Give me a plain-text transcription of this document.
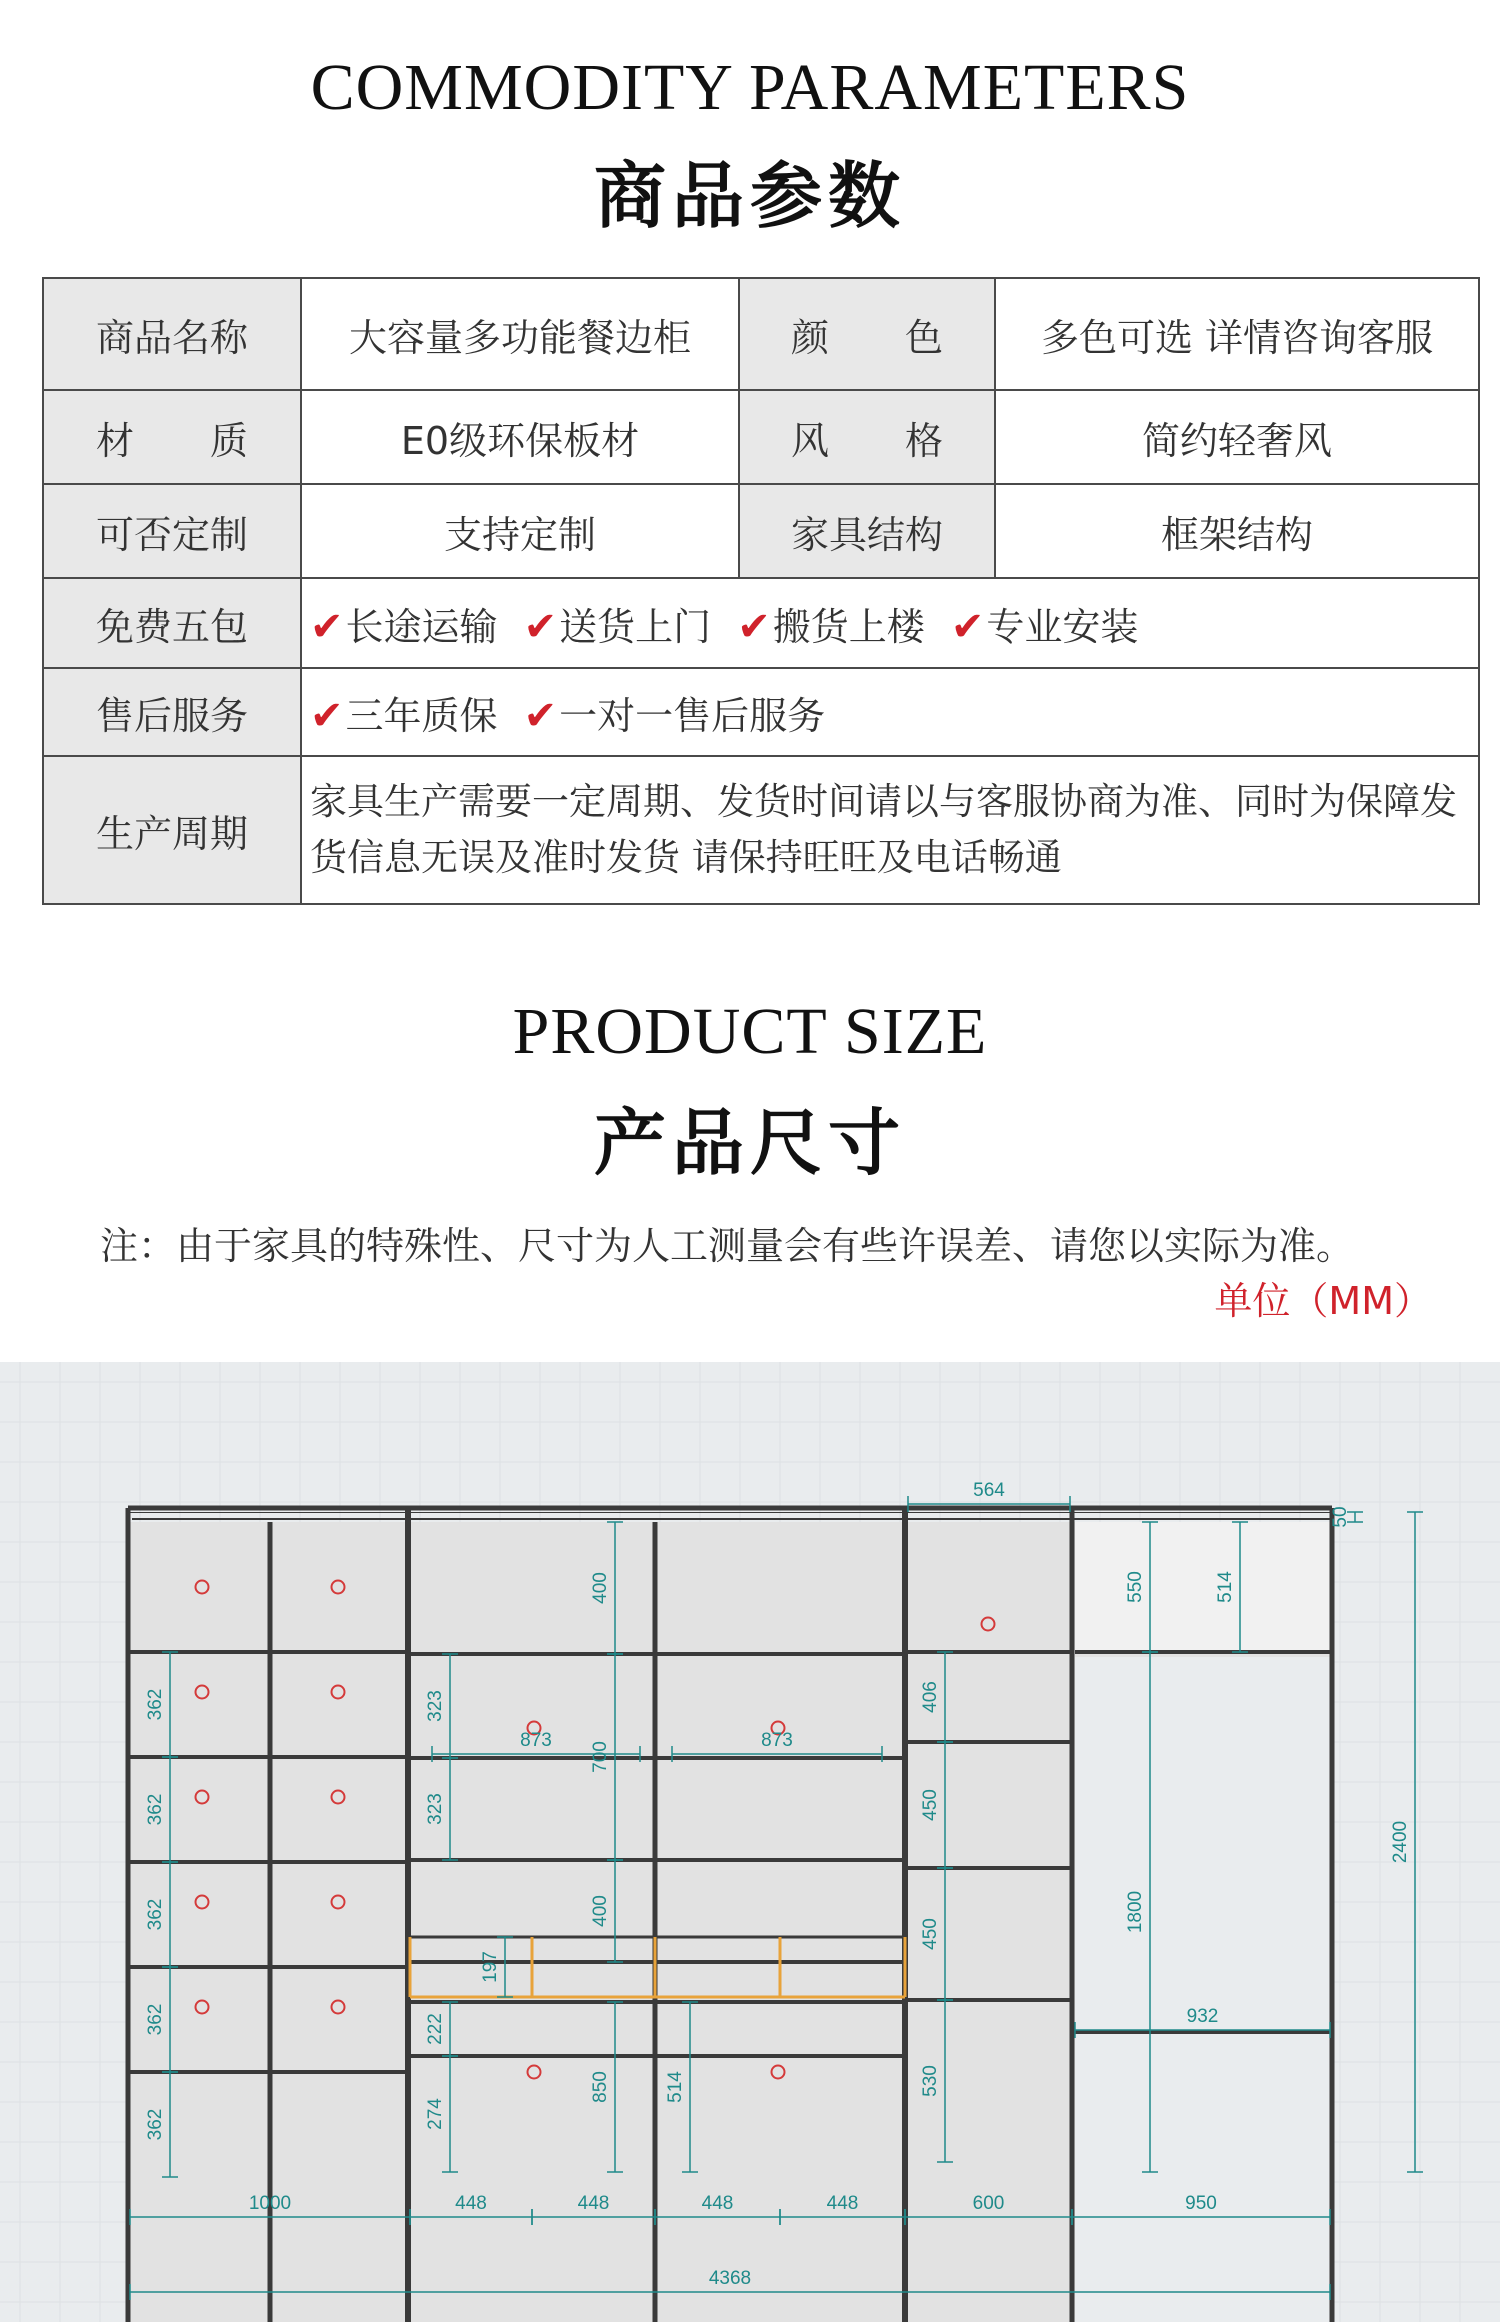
COMMODITY PARAMETERS
商品参数
商品名称	大容量多功能餐边柜	颜　　色	多色可选 详情咨询客服
材　　质	E0级环保板材	风　　格	简约轻奢风
可否定制	支持定制	家具结构	框架结构
免费五包	✔长途运输 ✔送货上门 ✔搬货上楼 ✔专业安装		
售后服务	✔三年质保 ✔一对一售后服务		
生产周期	家具生产需要一定周期、发货时间请以与客服协商为准、同时为保障发货信息无误及准时发货 请保持旺旺及电话畅通		
PRODUCT SIZE
产品尺寸
注：由于家具的特殊性、尺寸为人工测量会有些许误差、请您以实际为准。
单位（MM）
362
362
362
362
362
400
323
323
700
400
197
222
274
850	514
873	873
564
406
450
450
530
550	514
1800
932
50
2400
1000	448	448	448	448	600	950
4368
